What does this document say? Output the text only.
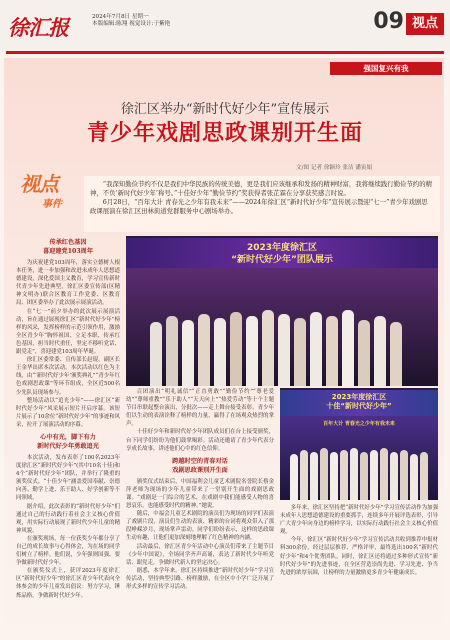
徐汇报	2024年7月8日 星期一
本版编辑:陈翔 视觉设计:于紫艳	09 视点
强国复兴有我
徐汇区举办“新时代好少年”宣传展示
青少年戏剧思政课别开生面
视点
事件
文/图 记者 徐颖玲 张洁 潘寅娟

“我深知勤俭节约不仅是我们中华民族的传统美德，更是我们应该继承和发扬的精神财富，我将继续践行勤俭节约的精神，不负‘新时代好少年’称号。”十佳好少年“勤俭节约”奖获得者张芷霖在分享获奖感言时说。

6月28日，“百年大计 青春光之少年有我未来”——2024年徐汇区“新时代好少年”宣传展示暨迎“七一”青少年戏剧思政课展演在徐汇区田林街道党群服务中心剧场举办。

传承红色基因
喜迎建党103周年

为庆祝建党103周年，落实立德树人根本任务，进一步加强和改进未成年人思想道德建设，深化爱国主义教育，学习宣传新时代青少年先进典型，徐汇区委宣传部(区精神文明办)联合区教育工作党委、区教育局、团区委举办了此次展示展演活动。

在“七一”前夕举办的此次展示展演活动，旨在通过展现徐汇区“新时代好少年”榜样的风采，发挥榜样的示范引领作用，激励全区青少年“胸怀祖国、立足本职，传承红色基因，担当时代重任，坚定不移听党话、跟党走”，喜迎建党103周年华诞。

徐汇区委常委、宣传部长赵琨，副区长王金华出席本次活动。本次活动以红色为主线，由“‘新时代好少年’颁奖典礼”“青少年红色戏剧思政课”等环节组成，全区近500名少先队员现场参与。

整场活动以“追光少年”——徐汇区“新时代好少年”风采展示短片开启序幕。该短片展示了10余位“新时代好少年”的事迹和风采，拉开了展演活动的序幕。

心中有光，脚下有力
新时代好少年勇敢追光

本次活动，发布表彰了100名2023年度徐汇区“新时代好少年”(其中10名十佳)和4个“新时代好少年”团队，并举行了隆重的颁奖仪式。“十佳少年”涵盖爱国奉献、崇德向善、勤学上进、乐于助人、好学创新等不同领域。

据介绍，此次表彰的“新时代好少年”们通过自己的行动践行着社会主义核心价值观，用实际行动展现了新时代少年儿童的精神风貌。

在颁奖现场，每一位获奖少年都分享了自己的成长故事与心得体会，为在场的同学们树立了榜样。他们说，少年强则国强，要争做新时代好少年。

在颁奖仪式上，获评2023年度徐汇区“新时代好少年”的徐汇区青少年代表向全体参会的少年儿童发出倡议：努力学习，锤炼品格，争做新时代好少年。

2023年度徐汇区
“新时代好少年”团队展示

百团演出“明礼诚信”“正直勇敢”“勤俭节约”“尊老爱幼”“尊师重教”“乐于助人”“天天向上”“热爱劳动”等十个主题节目串联起整台演出，分批次——走上舞台接受表彰。青少年们以生动的表演诠释了榜样的力量，赢得了在场观众热烈的掌声。

十佳好少年和新时代好少年团队成员们在台上接受颁奖，台下同学们纷纷为他们鼓掌喝彩。活动还邀请了青少年代表分享成长故事，讲述他们心中的红色信仰。

跨越时空的青春对话
戏剧思政课别开生面

颁奖仪式结束后，中国福利会儿童艺术剧院名誉院长蔡金萍老师为现场的少年儿童带来了一堂别开生面的戏剧思政课。“戏剧是一门综合的艺术，在戏剧中我们能感受人物的喜怒哀乐，也能感受时代的精神。”她说。

随后，中福会儿童艺术剧院的演员们为现场的同学们表演了戏剧片段，演员们生动的表演、精彩的台词将观众带入了那段峥嵘岁月，现场掌声雷动。同学们纷纷表示，这样的思政课生动有趣，让他们更加深刻地理解了红色精神的内涵。

活动最后，徐汇区青少年活动中心演员们带来了主题节目《少年中国说》，全场同学齐声高诵，表达了新时代少年听党话、跟党走，争做时代新人的坚定决心。

据悉，本学年来，徐汇区持续推进“新时代好少年”学习宣传活动，坚持典型引路、榜样激励，在全区中小学广泛开展了形式多样的宣传学习活动。

2023年度徐汇区
十佳“新时代好少年”
百年大计 青春光之少年有我未来

多年来，徐汇区坚持把“新时代好少年”学习宣传活动作为加强未成年人思想道德建设的重要抓手，连续多年开展评选表彰，引导广大青少年向身边的榜样学习，以实际行动践行社会主义核心价值观。

今年，徐汇区“新时代好少年”学习宣传活动共收到推荐申报材料300余份，经过层层推荐、严格评审，最终选出100名“新时代好少年”和4个优秀团队。同时，徐汇区还将通过多种形式宣传“新时代好少年”的先进事迹，在全区营造崇尚先进、学习先进、争当先进的浓厚氛围，让榜样的力量激励更多青少年健康成长。
